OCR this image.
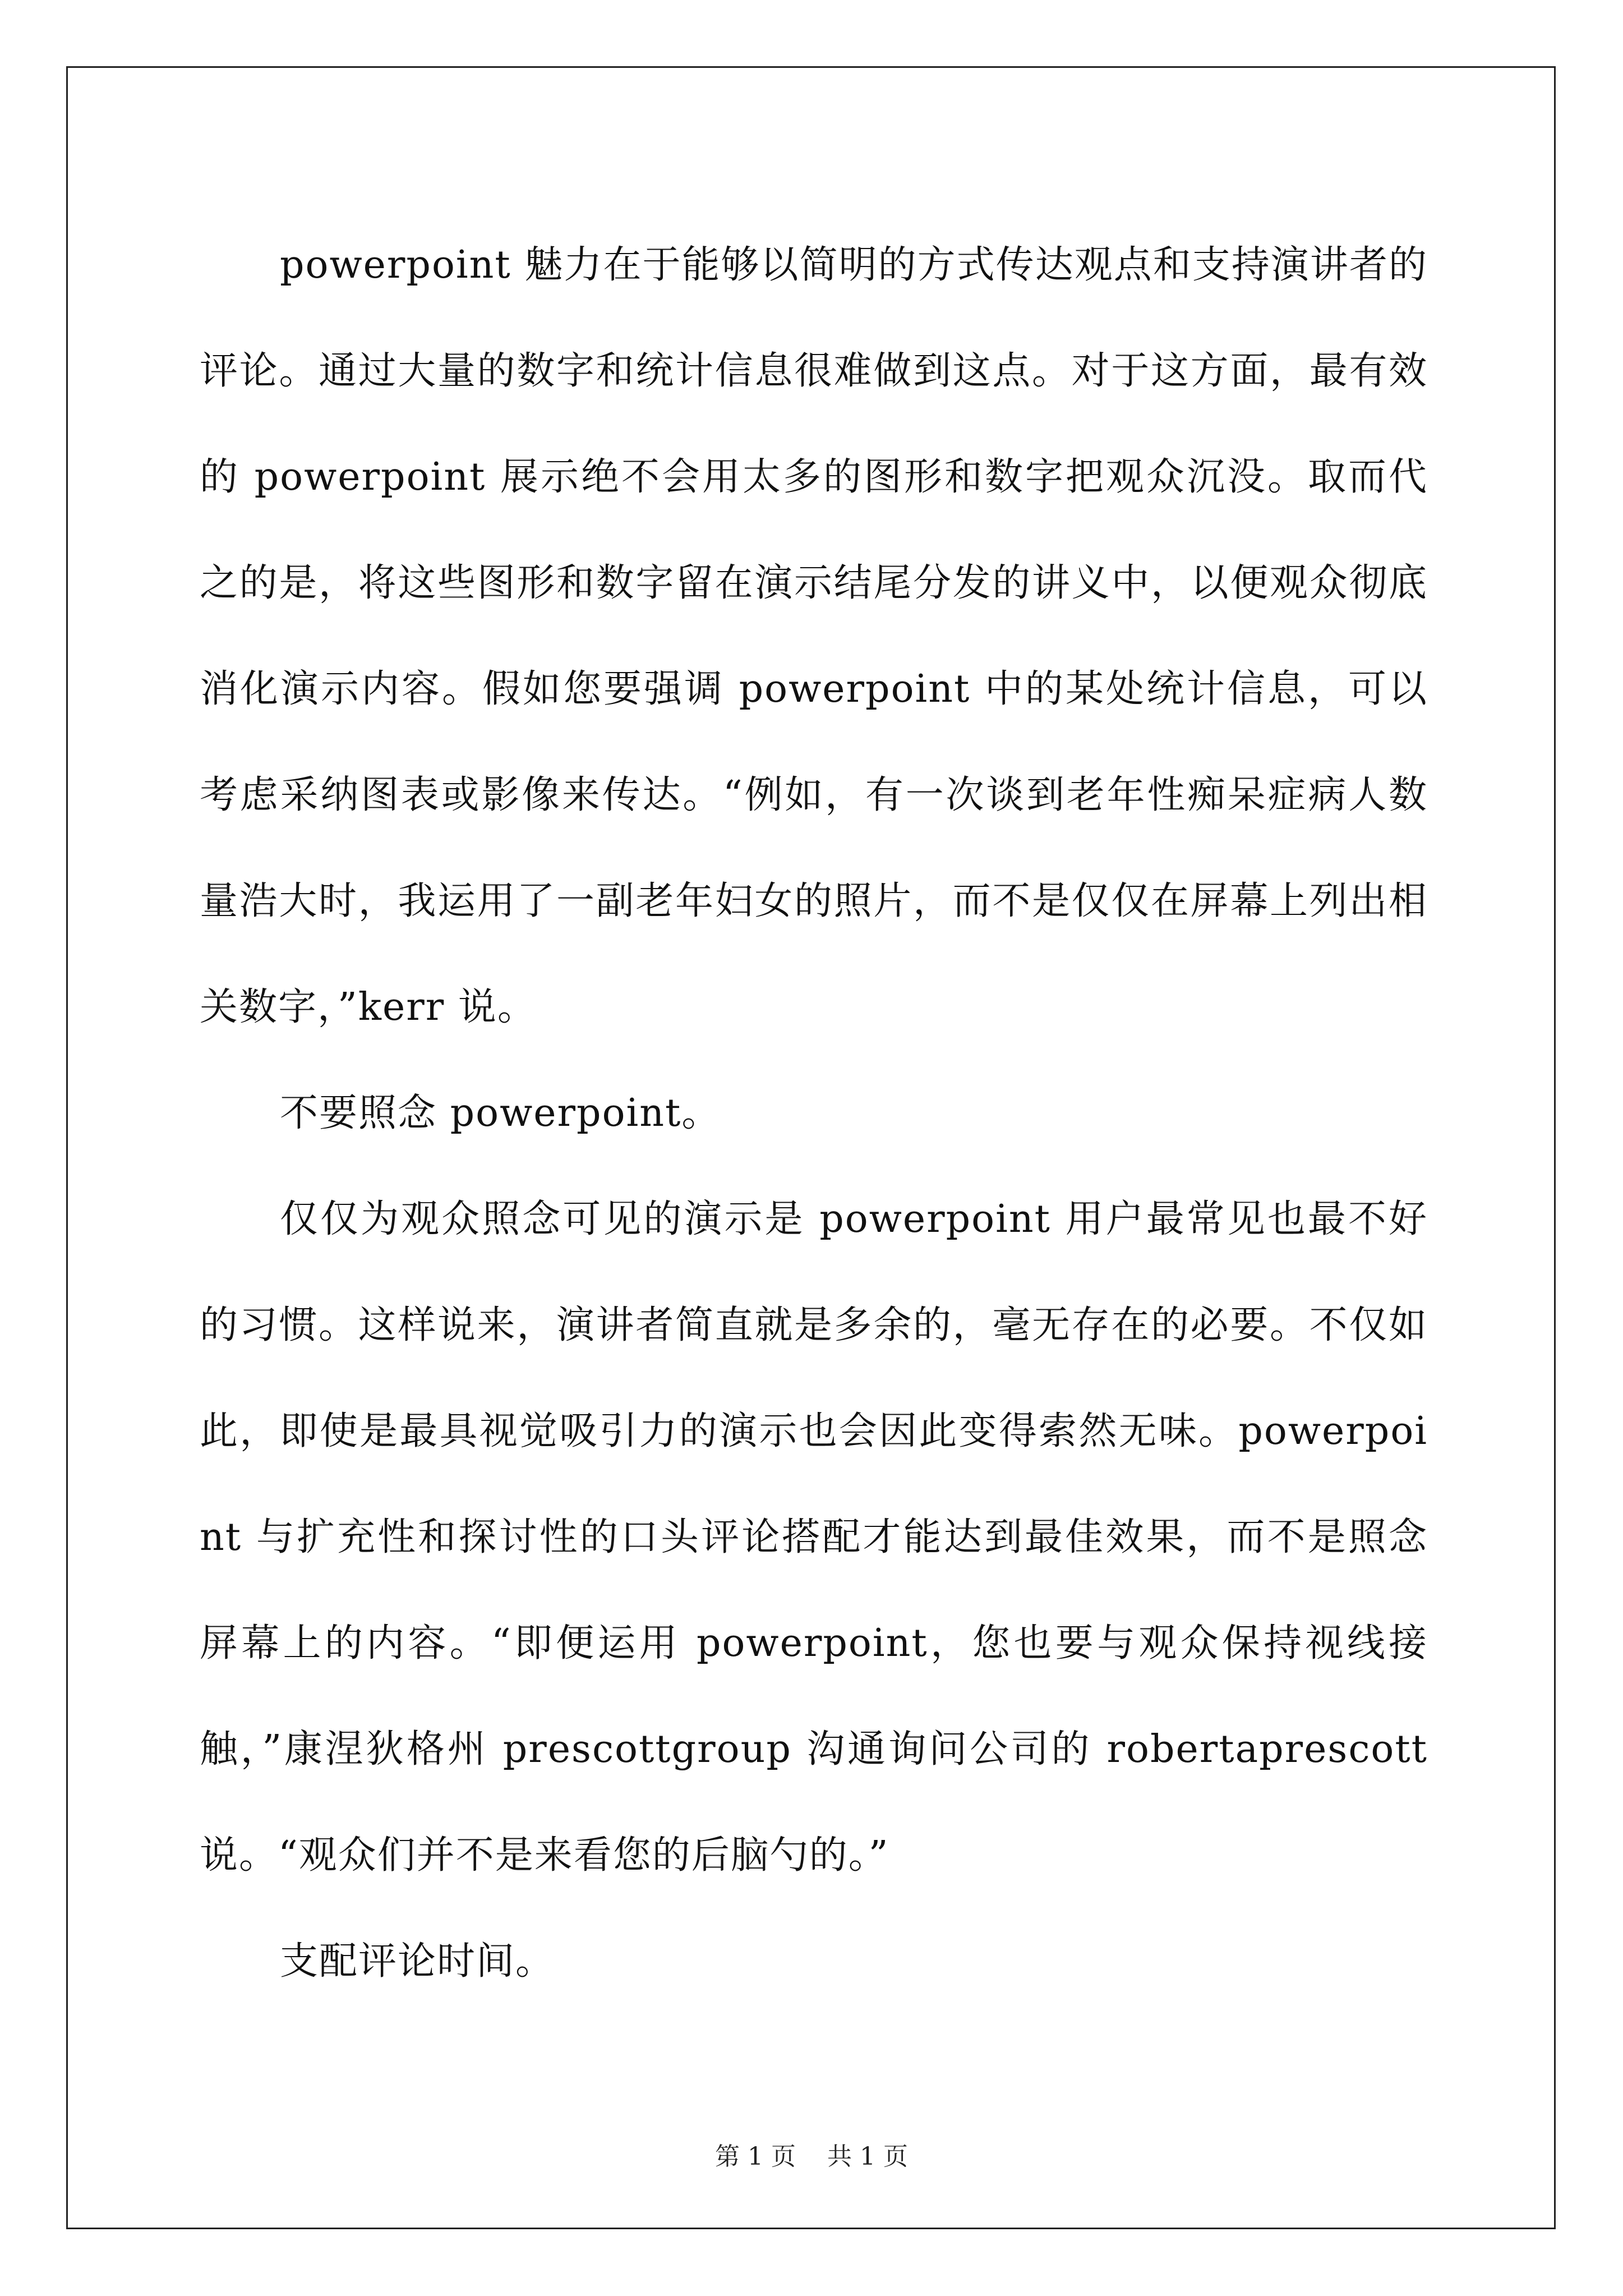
powerpoint 魅力在于能够以简明的方式传达观点和支持演讲者的评论。通过大量的数字和统计信息很难做到这点。对于这方面，最有效的 powerpoint 展示绝不会用太多的图形和数字把观众沉没。取而代之的是，将这些图形和数字留在演示结尾分发的讲义中，以便观众彻底消化演示内容。假如您要强调 powerpoint 中的某处统计信息，可以考虑采纳图表或影像来传达。“例如，有一次谈到老年性痴呆症病人数量浩大时，我运用了一副老年妇女的照片，而不是仅仅在屏幕上列出相关数字，”kerr 说。

不要照念 powerpoint。

仅仅为观众照念可见的演示是 powerpoint 用户最常见也最不好的习惯。这样说来，演讲者简直就是多余的，毫无存在的必要。不仅如此，即使是最具视觉吸引力的演示也会因此变得索然无味。powerpoint 与扩充性和探讨性的口头评论搭配才能达到最佳效果，而不是照念屏幕上的内容。“即便运用 powerpoint，您也要与观众保持视线接触，”康涅狄格州 prescottgroup 沟通询问公司的 robertaprescott 说。“观众们并不是来看您的后脑勺的。”

支配评论时间。

第 1 页 共 1 页
